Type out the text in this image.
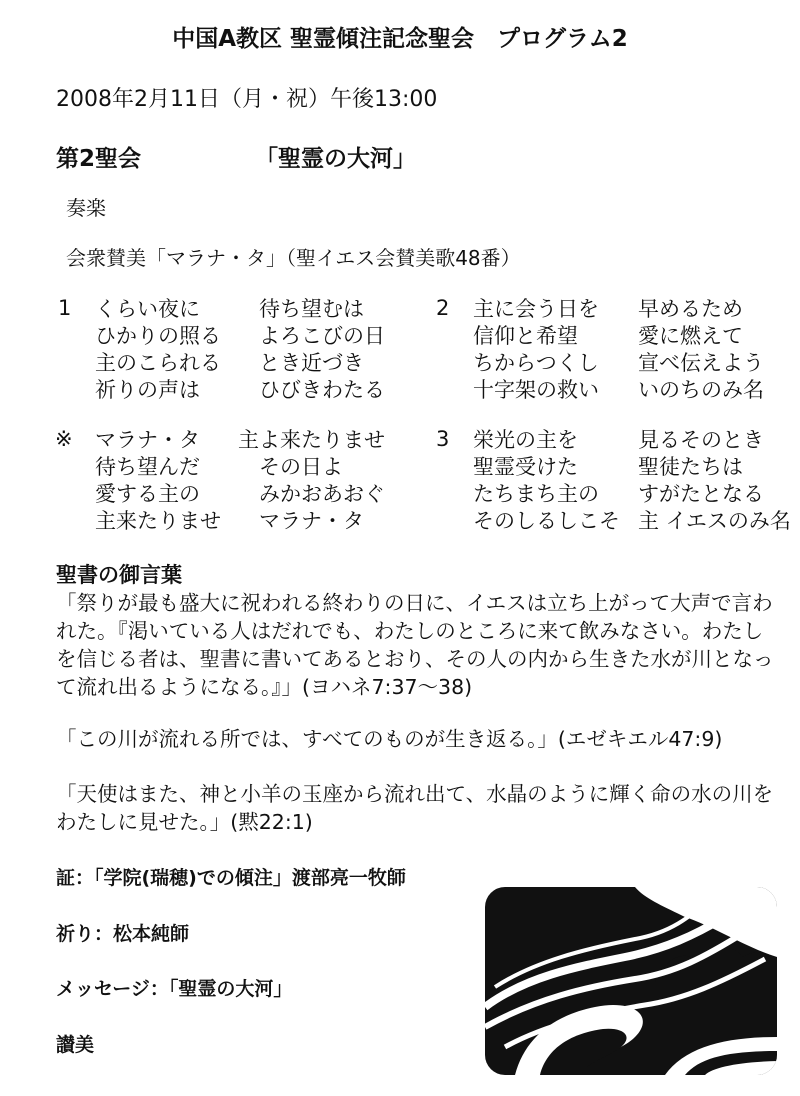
中国A教区 聖霊傾注記念聖会　プログラム2
2008年2月11日（月・祝）午後13:00
第2聖会	「聖霊の大河」
奏楽
会衆賛美「マラナ・タ」（聖イエス会賛美歌48番）
1 くらい夜に
ひかりの照る
主のこられる
祈りの声は
待ち望むは
よろこびの日
とき近づき
ひびきわたる
2 主に会う日を
信仰と希望
ちからつくし
十字架の救い
早めるため
愛に燃えて
宣べ伝えよう
いのちのみ名
※ マラナ・タ
待ち望んだ
愛する主の
主来たりませ
主よ来たりませ
その日よ
みかおあおぐ
マラナ・タ
3 栄光の主を
聖霊受けた
たちまち主の
そのしるしこそ
見るそのとき
聖徒たちは
すがたとなる
主 イエスのみ名
聖書の御言葉
「祭りが最も盛大に祝われる終わりの日に、イエスは立ち上がって大声で言われた。『渇いている人はだれでも、わたしのところに来て飲みなさい。わたしを信じる者は、聖書に書いてあるとおり、その人の内から生きた水が川となって流れ出るようになる。』」(ヨハネ7:37～38)
「この川が流れる所では、すべてのものが生き返る。」(エゼキエル47:9)
「天使はまた、神と小羊の玉座から流れ出て、水晶のように輝く命の水の川をわたしに見せた。」(黙22:1)
証：「学院(瑞穂)での傾注」渡部亮一牧師
祈り：松本純師
メッセージ：「聖霊の大河」
讃美
